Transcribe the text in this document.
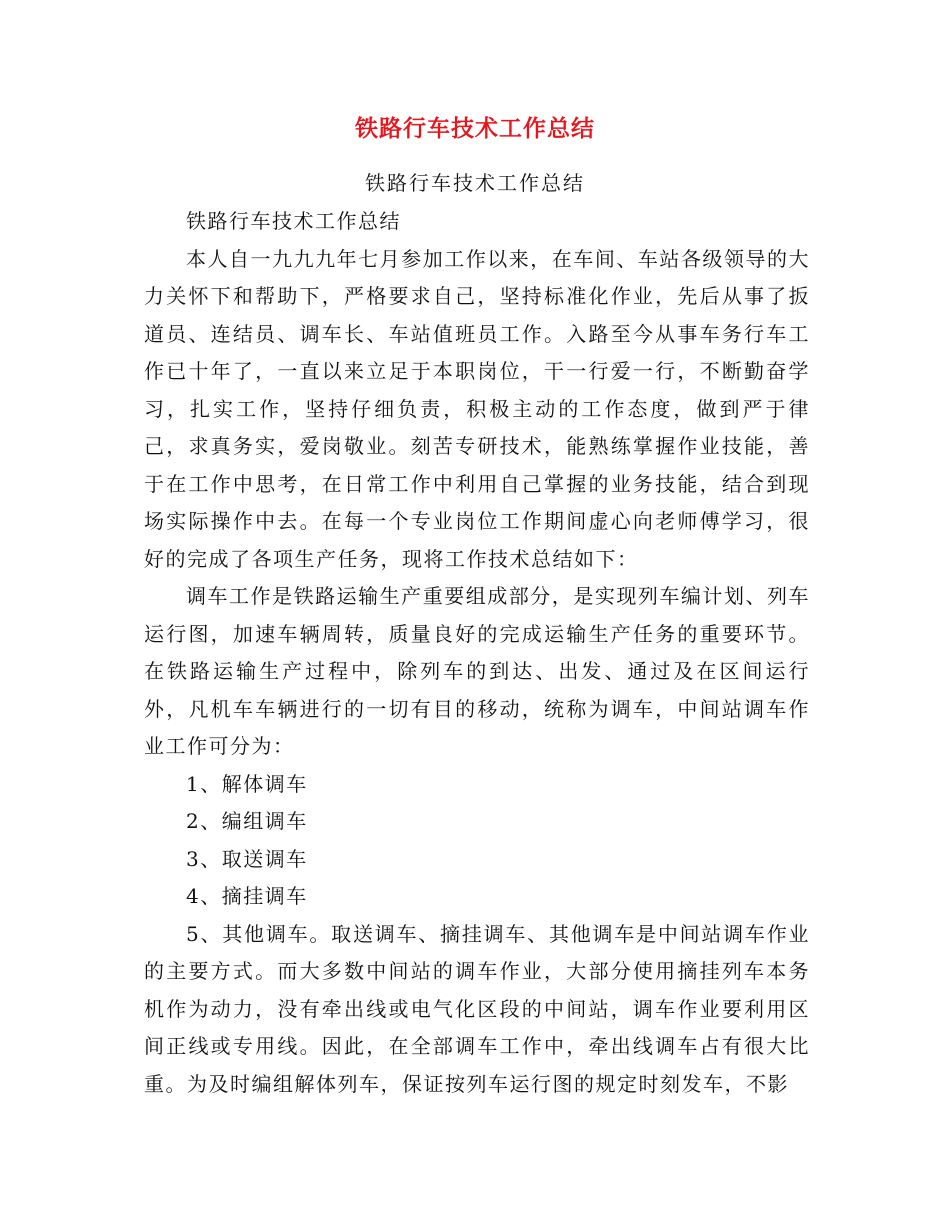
铁路行车技术工作总结
铁路行车技术工作总结

铁路行车技术工作总结

本人自一九九九年七月参加工作以来，在车间、车站各级领导的大力关怀下和帮助下，严格要求自己，坚持标准化作业，先后从事了扳道员、连结员、调车长、车站值班员工作。入路至今从事车务行车工作已十年了，一直以来立足于本职岗位，干一行爱一行，不断勤奋学习，扎实工作，坚持仔细负责，积极主动的工作态度，做到严于律己，求真务实，爱岗敬业。刻苦专研技术，能熟练掌握作业技能，善于在工作中思考，在日常工作中利用自己掌握的业务技能，结合到现场实际操作中去。在每一个专业岗位工作期间虚心向老师傅学习，很好的完成了各项生产任务，现将工作技术总结如下：

调车工作是铁路运输生产重要组成部分，是实现列车编计划、列车运行图，加速车辆周转，质量良好的完成运输生产任务的重要环节。在铁路运输生产过程中，除列车的到达、出发、通过及在区间运行外，凡机车车辆进行的一切有目的移动，统称为调车，中间站调车作业工作可分为：

1、解体调车

2、编组调车

3、取送调车

4、摘挂调车

5、其他调车。取送调车、摘挂调车、其他调车是中间站调车作业的主要方式。而大多数中间站的调车作业，大部分使用摘挂列车本务机作为动力，没有牵出线或电气化区段的中间站，调车作业要利用区间正线或专用线。因此，在全部调车工作中，牵出线调车占有很大比重。为及时编组解体列车，保证按列车运行图的规定时刻发车，不影
